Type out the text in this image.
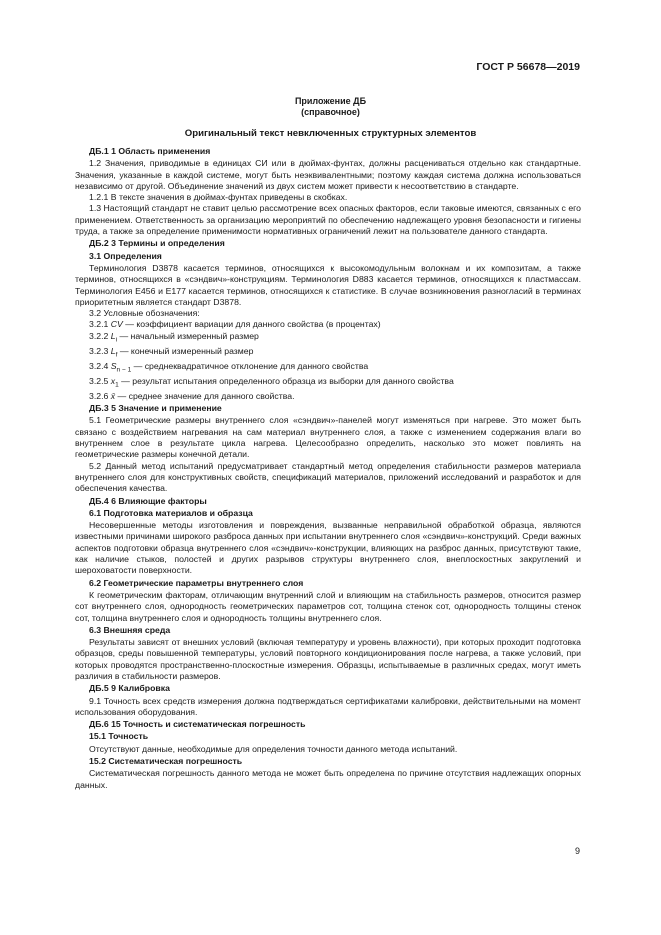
ГОСТ Р 56678—2019
Приложение ДБ
(справочное)
Оригинальный текст невключенных структурных элементов
ДБ.1 1 Область применения

1.2 Значения, приводимые в единицах СИ или в дюймах-фунтах, должны расцениваться отдельно как стандартные. Значения, указанные в каждой системе, могут быть неэквивалентными; поэтому каждая система должна использоваться независимо от другой. Объединение значений из двух систем может привести к несоответствию в стандарте.

1.2.1 В тексте значения в дюймах-фунтах приведены в скобках.

1.3 Настоящий стандарт не ставит целью рассмотрение всех опасных факторов, если таковые имеются, связанных с его применением. Ответственность за организацию мероприятий по обеспечению надлежащего уровня безопасности и гигиены труда, а также за определение применимости нормативных ограничений лежит на пользователе данного стандарта.

ДБ.2 3 Термины и определения
3.1 Определения

Терминология D3878 касается терминов, относящихся к высокомодульным волокнам и их композитам, а также терминов, относящихся в «сэндвич»-конструкциям. Терминология D883 касается терминов, относящихся к пластмассам. Терминология E456 и E177 касается терминов, относящихся к статистике. В случае возникновения разногласий в терминах приоритетным является стандарт D3878.

3.2 Условные обозначения:

3.2.1 CV — коэффициент вариации для данного свойства (в процентах)

3.2.2 $L_i$ — начальный измеренный размер

3.2.3 $L_f$ — конечный измеренный размер

3.2.4 $S_{n - 1}$ — среднеквадратичное отклонение для данного свойства

3.2.5 $x_1$ — результат испытания определенного образца из выборки для данного свойства

3.2.6 x̄ — среднее значение для данного свойства.

ДБ.3 5 Значение и применение

5.1 Геометрические размеры внутреннего слоя «сэндвич»-панелей могут изменяться при нагреве. Это может быть связано с воздействием нагревания на сам материал внутреннего слоя, а также с изменением содержания влаги во внутреннем слое в результате цикла нагрева. Целесообразно определить, насколько это может повлиять на геометрические размеры конечной детали.

5.2 Данный метод испытаний предусматривает стандартный метод определения стабильности размеров материала внутреннего слоя для конструктивных свойств, спецификаций материалов, приложений исследований и разработок и для обеспечения качества.

ДБ.4 6 Влияющие факторы
6.1 Подготовка материалов и образца

Несовершенные методы изготовления и повреждения, вызванные неправильной обработкой образца, являются известными причинами широкого разброса данных при испытании внутреннего слоя «сэндвич»-конструкций. Среди важных аспектов подготовки образца внутреннего слоя «сэндвич»-конструкции, влияющих на разброс данных, присутствуют такие, как наличие стыков, полостей и других разрывов структуры внутреннего слоя, внеплоскостных закруглений и шероховатости поверхности.

6.2 Геометрические параметры внутреннего слоя

К геометрическим факторам, отличающим внутренний слой и влияющим на стабильность размеров, относится размер сот внутреннего слоя, однородность геометрических параметров сот, толщина стенок сот, однородность толщины стенок сот, толщина внутреннего слоя и однородность толщины внутреннего слоя.

6.3 Внешняя среда

Результаты зависят от внешних условий (включая температуру и уровень влажности), при которых проходит подготовка образцов, среды повышенной температуры, условий повторного кондиционирования после нагрева, а также условий, при которых проводятся пространственно-плоскостные измерения. Образцы, испытываемые в различных средах, могут иметь различия в стабильности размеров.

ДБ.5 9 Калибровка

9.1 Точность всех средств измерения должна подтверждаться сертификатами калибровки, действительными на момент использования оборудования.

ДБ.6 15 Точность и систематическая погрешность
15.1 Точность

Отсутствуют данные, необходимые для определения точности данного метода испытаний.

15.2 Систематическая погрешность

Систематическая погрешность данного метода не может быть определена по причине отсутствия надлежащих опорных данных.

9
